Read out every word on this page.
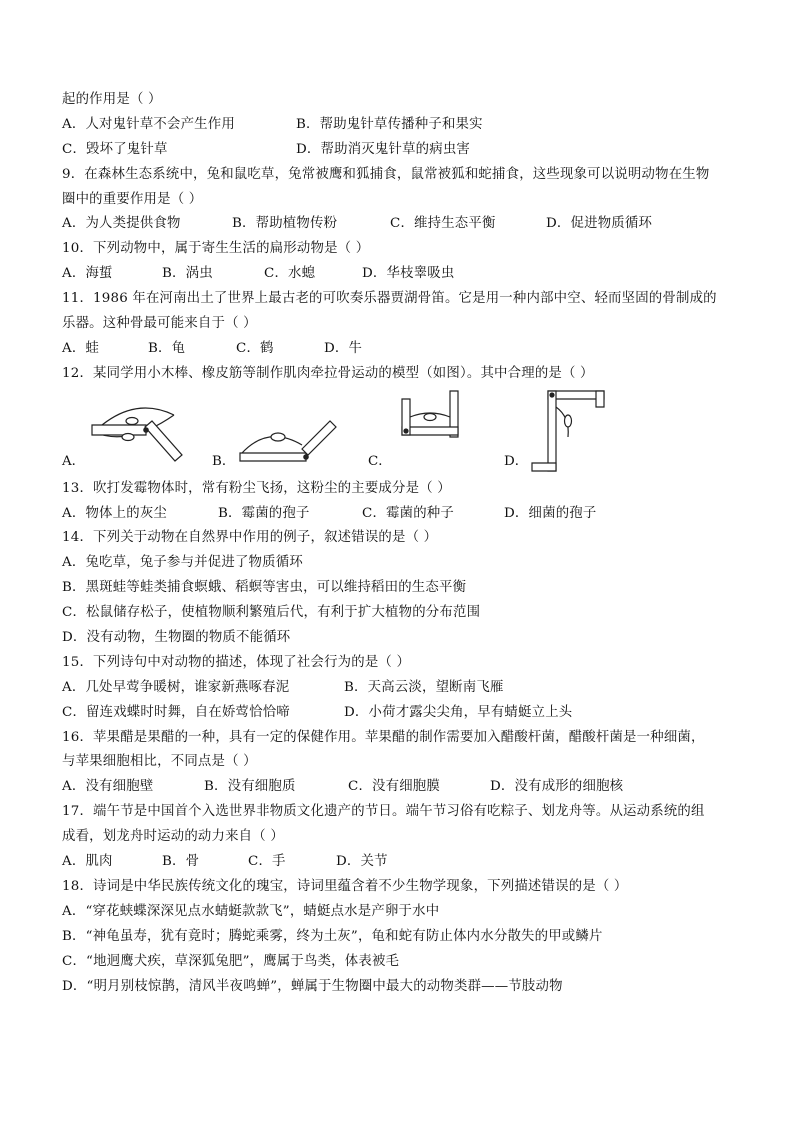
起的作用是（ ）
A．人对鬼针草不会产生作用	B．帮助鬼针草传播种子和果实
C．毁坏了鬼针草	D．帮助消灭鬼针草的病虫害
9．在森林生态系统中，兔和鼠吃草，兔常被鹰和狐捕食，鼠常被狐和蛇捕食，这些现象可以说明动物在生物
圈中的重要作用是（ ）
A．为人类提供食物	B．帮助植物传粉	C．维持生态平衡	D．促进物质循环
10．下列动物中，属于寄生生活的扁形动物是（ ）
A．海蜇	B．涡虫	C．水螅	D．华枝睾吸虫
11．1986 年在河南出土了世界上最古老的可吹奏乐器贾湖骨笛。它是用一种内部中空、轻而坚固的骨制成的
乐器。这种骨最可能来自于（ ）
A．蛙	B．龟	C．鹤	D．牛
12．某同学用小木棒、橡皮筋等制作肌肉牵拉骨运动的模型（如图）。其中合理的是（ ）
A．	B．	C．	D．
13．吹打发霉物体时，常有粉尘飞扬，这粉尘的主要成分是（ ）
A．物体上的灰尘	B．霉菌的孢子	C．霉菌的种子	D．细菌的孢子
14．下列关于动物在自然界中作用的例子，叙述错误的是（ ）
A．兔吃草，兔子参与并促进了物质循环
B．黑斑蛙等蛙类捕食螟蛾、稻螟等害虫，可以维持稻田的生态平衡
C．松鼠储存松子，使植物顺利繁殖后代，有利于扩大植物的分布范围
D．没有动物，生物圈的物质不能循环
15．下列诗句中对动物的描述，体现了社会行为的是（ ）
A．几处早莺争暖树，谁家新燕啄春泥	B．天高云淡，望断南飞雁
C．留连戏蝶时时舞，自在娇莺恰恰啼	D．小荷才露尖尖角，早有蜻蜓立上头
16．苹果醋是果醋的一种，具有一定的保健作用。苹果醋的制作需要加入醋酸杆菌，醋酸杆菌是一种细菌，
与苹果细胞相比，不同点是（ ）
A．没有细胞壁	B．没有细胞质	C．没有细胞膜	D．没有成形的细胞核
17．端午节是中国首个入选世界非物质文化遗产的节日。端午节习俗有吃粽子、划龙舟等。从运动系统的组
成看，划龙舟时运动的动力来自（ ）
A．肌肉	B．骨	C．手	D．关节
18．诗词是中华民族传统文化的瑰宝，诗词里蕴含着不少生物学现象，下列描述错误的是（ ）
A．“穿花蛱蝶深深见点水蜻蜓款款飞”，蜻蜓点水是产卵于水中
B．“神龟虽寿，犹有竟时；腾蛇乘雾，终为土灰”，龟和蛇有防止体内水分散失的甲或鳞片
C．“地迥鹰犬疾，草深狐兔肥”，鹰属于鸟类，体表被毛
D．“明月别枝惊鹊，清风半夜鸣蝉”，蝉属于生物圈中最大的动物类群——节肢动物
